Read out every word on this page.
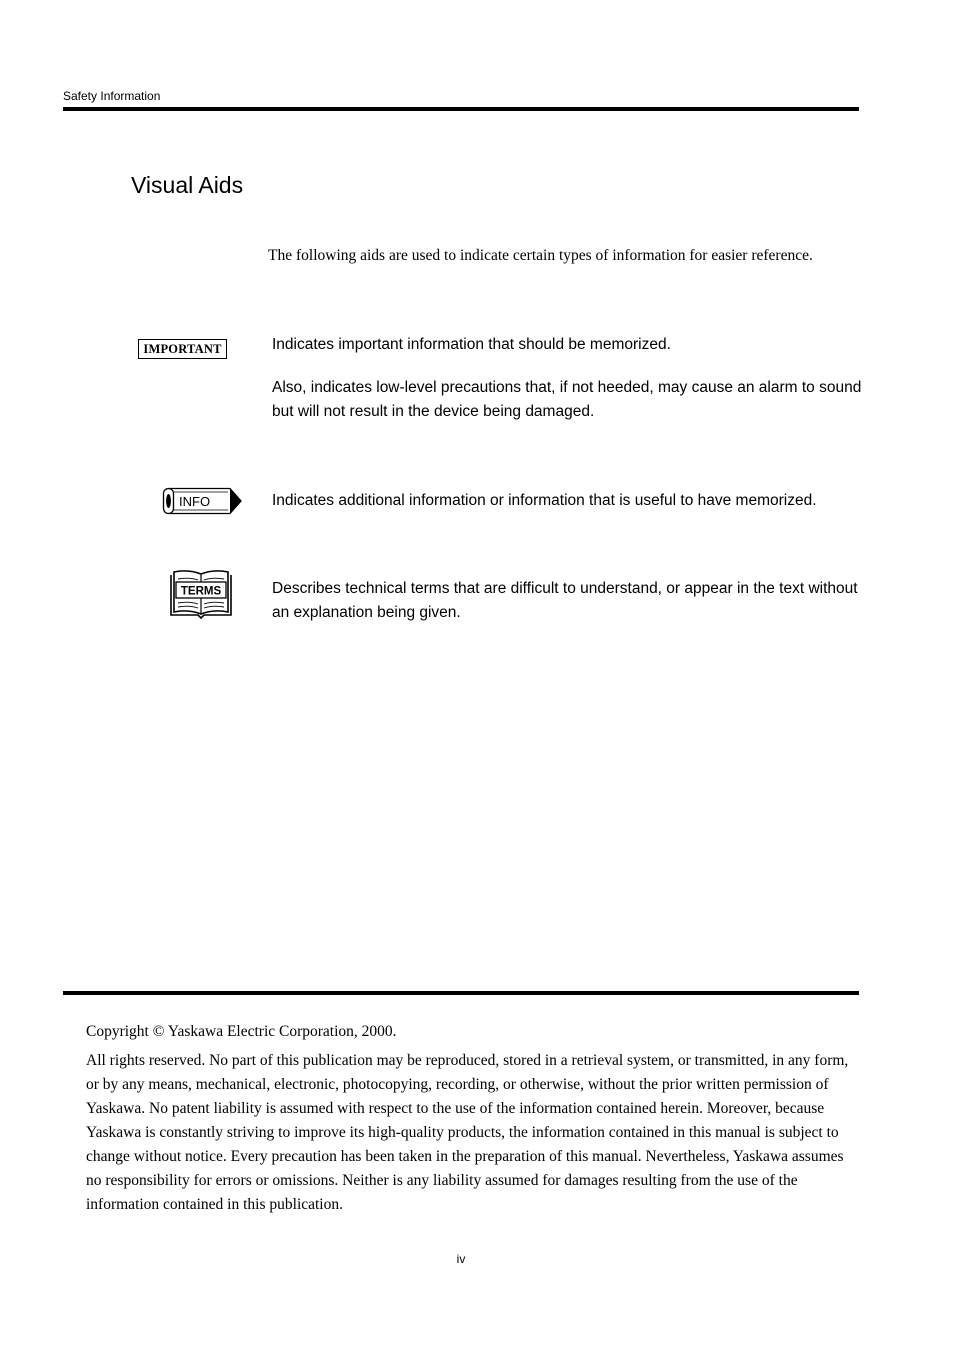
Safety Information
Visual Aids
The following aids are used to indicate certain types of information for easier reference.
IMPORTANT	Indicates important information that should be memorized.

Also, indicates low-level precautions that, if not heeded, may cause an alarm to sound but will not result in the device being damaged.

INFO	Indicates additional information or information that is useful to have memorized.

TERMS	Describes technical terms that are difficult to understand, or appear in the text without an explanation being given.

Copyright © Yaskawa Electric Corporation, 2000.

All rights reserved. No part of this publication may be reproduced, stored in a retrieval system, or transmitted, in any form, or by any means, mechanical, electronic, photocopying, recording, or otherwise, without the prior written permission of Yaskawa. No patent liability is assumed with respect to the use of the information contained herein. Moreover, because Yaskawa is constantly striving to improve its high-quality products, the information contained in this manual is subject to change without notice. Every precaution has been taken in the preparation of this manual. Nevertheless, Yaskawa assumes no responsibility for errors or omissions. Neither is any liability assumed for damages resulting from the use of the information contained in this publication.

iv
